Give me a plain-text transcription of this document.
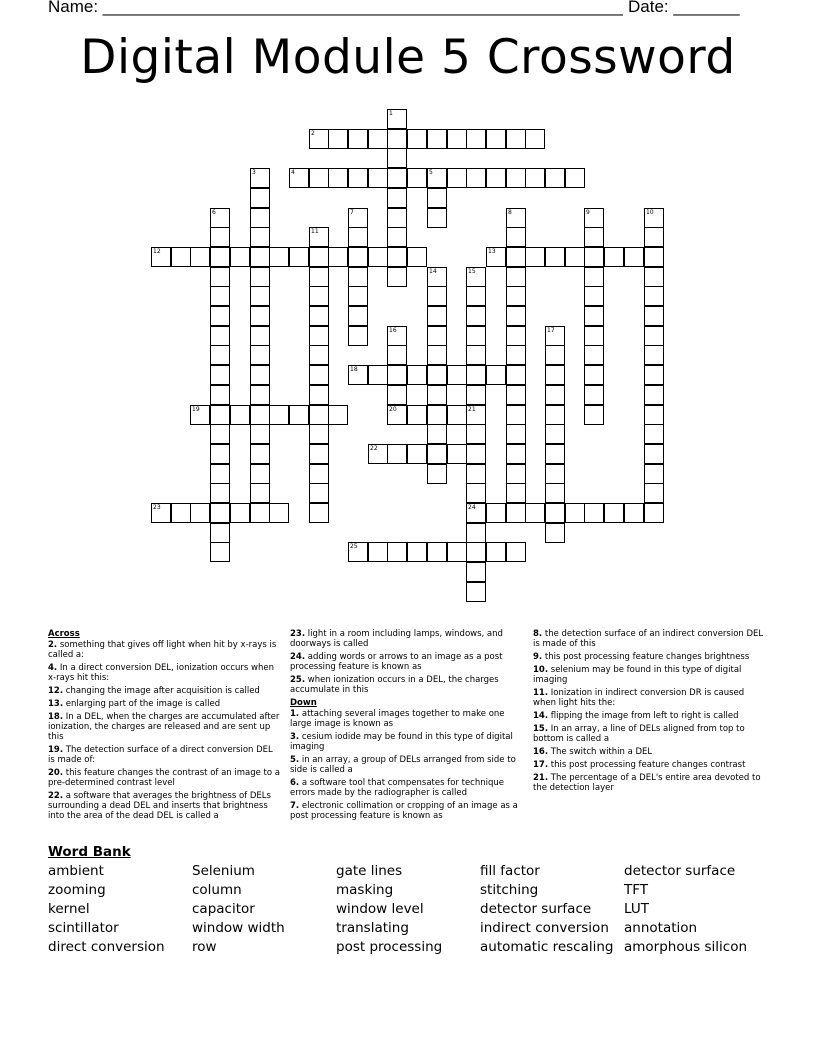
Name: _______________________________________________________ Date: _______
Digital Module 5 Crossword
1
2
3	4	5
6	7	8	9	10
11
12	13
14	15
16	17
18
19	20	21
22
23	24
25

Across

2. something that gives off light when hit by x-rays is called a:

4. In a direct conversion DEL, ionization occurs when x-rays hit this:

12. changing the image after acquisition is called

13. enlarging part of the image is called

18. In a DEL, when the charges are accumulated after ionization, the charges are released and are sent up this

19. The detection surface of a direct conversion DEL is made of:

20. this feature changes the contrast of an image to a pre-determined contrast level

22. a software that averages the brightness of DELs surrounding a dead DEL and inserts that brightness into the area of the dead DEL is called a

23. light in a room including lamps, windows, and doorways is called

24. adding words or arrows to an image as a post processing feature is known as

25. when ionization occurs in a DEL, the charges accumulate in this

Down

1. attaching several images together to make one large image is known as

3. cesium iodide may be found in this type of digital imaging

5. in an array, a group of DELs arranged from side to side is called a

6. a software tool that compensates for technique errors made by the radiographer is called

7. electronic collimation or cropping of an image as a post processing feature is known as

8. the detection surface of an indirect conversion DEL is made of this

9. this post processing feature changes brightness

10. selenium may be found in this type of digital imaging

11. Ionization in indirect conversion DR is caused when light hits the:

14. flipping the image from left to right is called

15. In an array, a line of DELs aligned from top to bottom is called a

16. The switch within a DEL

17. this post processing feature changes contrast

21. The percentage of a DEL's entire area devoted to the detection layer

Word Bank
ambient
zooming
kernel
scintillator
direct conversion
Selenium
column
capacitor
window width
row
gate lines
masking
window level
translating
post processing
fill factor
stitching
detector surface
indirect conversion
automatic rescaling
detector surface
TFT
LUT
annotation
amorphous silicon
